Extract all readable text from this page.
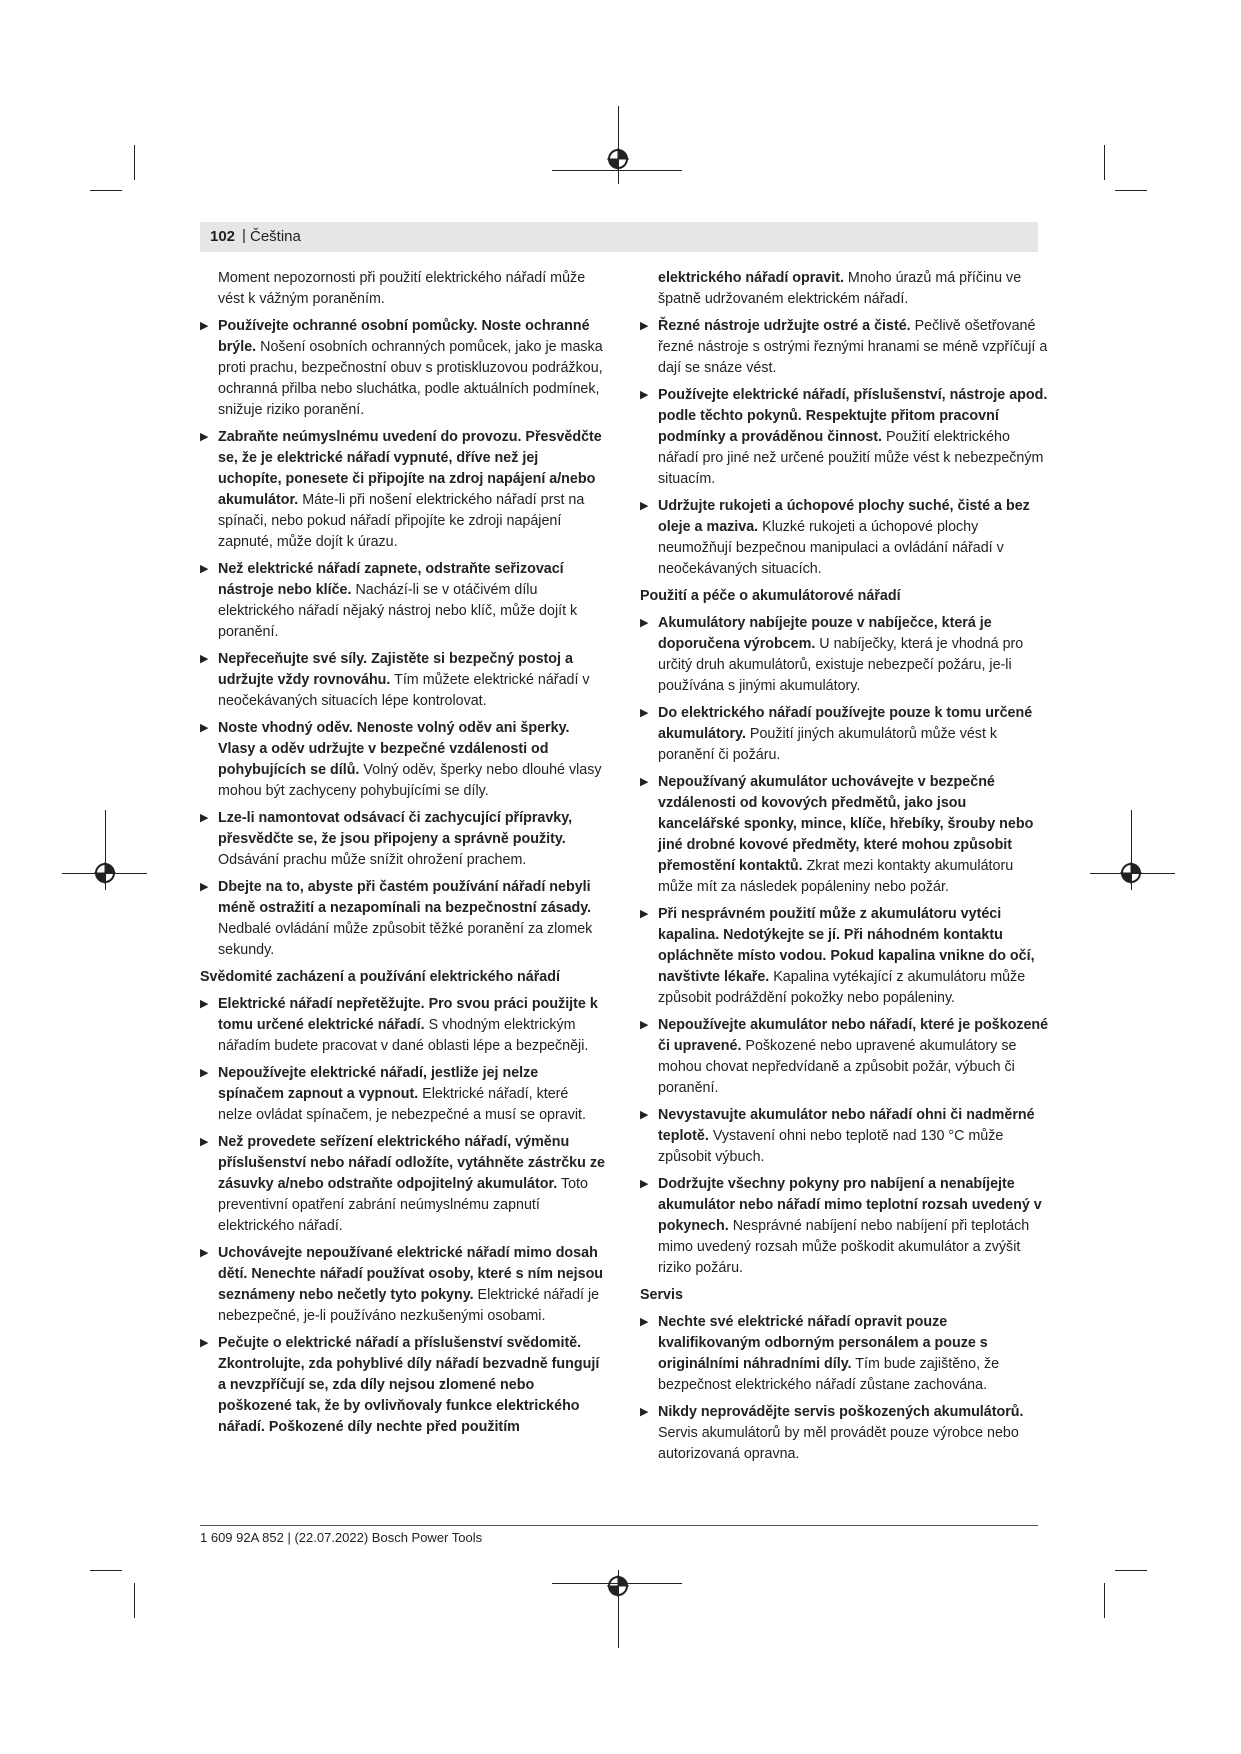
102 | Čeština

Moment nepozornosti při použití elektrického nářadí může vést k vážným poraněním.

▶ Používejte ochranné osobní pomůcky. Noste ochranné brýle. Nošení osobních ochranných pomůcek, jako je maska proti prachu, bezpečnostní obuv s protiskluzovou podrážkou, ochranná přilba nebo sluchátka, podle aktuálních podmínek, snižuje riziko poranění.
▶ Zabraňte neúmyslnému uvedení do provozu. Přesvědčte se, že je elektrické nářadí vypnuté, dříve než jej uchopíte, ponesete či připojíte na zdroj napájení a/nebo akumulátor. Máte-li při nošení elektrického nářadí prst na spínači, nebo pokud nářadí připojíte ke zdroji napájení zapnuté, může dojít k úrazu.
▶ Než elektrické nářadí zapnete, odstraňte seřizovací nástroje nebo klíče. Nachází-li se v otáčivém dílu elektrického nářadí nějaký nástroj nebo klíč, může dojít k poranění.
▶ Nepřeceňujte své síly. Zajistěte si bezpečný postoj a udržujte vždy rovnováhu. Tím můžete elektrické nářadí v neočekávaných situacích lépe kontrolovat.
▶ Noste vhodný oděv. Nenoste volný oděv ani šperky. Vlasy a oděv udržujte v bezpečné vzdálenosti od pohybujících se dílů. Volný oděv, šperky nebo dlouhé vlasy mohou být zachyceny pohybujícími se díly.
▶ Lze-li namontovat odsávací či zachycující přípravky, přesvědčte se, že jsou připojeny a správně použity. Odsávání prachu může snížit ohrožení prachem.
▶ Dbejte na to, abyste při častém používání nářadí nebyli méně ostražití a nezapomínali na bezpečnostní zásady. Nedbalé ovládání může způsobit těžké poranění za zlomek sekundy.
Svědomité zacházení a používání elektrického nářadí
▶ Elektrické nářadí nepřetěžujte. Pro svou práci použijte k tomu určené elektrické nářadí. S vhodným elektrickým nářadím budete pracovat v dané oblasti lépe a bezpečněji.
▶ Nepoužívejte elektrické nářadí, jestliže jej nelze spínačem zapnout a vypnout. Elektrické nářadí, které nelze ovládat spínačem, je nebezpečné a musí se opravit.
▶ Než provedete seřízení elektrického nářadí, výměnu příslušenství nebo nářadí odložíte, vytáhněte zástrčku ze zásuvky a/nebo odstraňte odpojitelný akumulátor. Toto preventivní opatření zabrání neúmyslnému zapnutí elektrického nářadí.
▶ Uchovávejte nepoužívané elektrické nářadí mimo dosah dětí. Nenechte nářadí používat osoby, které s ním nejsou seznámeny nebo nečetly tyto pokyny. Elektrické nářadí je nebezpečné, je-li používáno nezkušenými osobami.
▶ Pečujte o elektrické nářadí a příslušenství svědomitě. Zkontrolujte, zda pohyblivé díly nářadí bezvadně fungují a nevzpříčují se, zda díly nejsou zlomené nebo poškozené tak, že by ovlivňovaly funkce elektrického nářadí. Poškozené díly nechte před použitím

elektrického nářadí opravit. Mnoho úrazů má příčinu ve špatně udržovaném elektrickém nářadí.

▶ Řezné nástroje udržujte ostré a čisté. Pečlivě ošetřované řezné nástroje s ostrými řeznými hranami se méně vzpříčují a dají se snáze vést.
▶ Používejte elektrické nářadí, příslušenství, nástroje apod. podle těchto pokynů. Respektujte přitom pracovní podmínky a prováděnou činnost. Použití elektrického nářadí pro jiné než určené použití může vést k nebezpečným situacím.
▶ Udržujte rukojeti a úchopové plochy suché, čisté a bez oleje a maziva. Kluzké rukojeti a úchopové plochy neumožňují bezpečnou manipulaci a ovládání nářadí v neočekávaných situacích.
Použití a péče o akumulátorové nářadí
▶ Akumulátory nabíjejte pouze v nabíječce, která je doporučena výrobcem. U nabíječky, která je vhodná pro určitý druh akumulátorů, existuje nebezpečí požáru, je-li používána s jinými akumulátory.
▶ Do elektrického nářadí používejte pouze k tomu určené akumulátory. Použití jiných akumulátorů může vést k poranění či požáru.
▶ Nepoužívaný akumulátor uchovávejte v bezpečné vzdálenosti od kovových předmětů, jako jsou kancelářské sponky, mince, klíče, hřebíky, šrouby nebo jiné drobné kovové předměty, které mohou způsobit přemostění kontaktů. Zkrat mezi kontakty akumulátoru může mít za následek popáleniny nebo požár.
▶ Při nesprávném použití může z akumulátoru vytéci kapalina. Nedotýkejte se jí. Při náhodném kontaktu opláchněte místo vodou. Pokud kapalina vnikne do očí, navštivte lékaře. Kapalina vytékající z akumulátoru může způsobit podráždění pokožky nebo popáleniny.
▶ Nepoužívejte akumulátor nebo nářadí, které je poškozené či upravené. Poškozené nebo upravené akumulátory se mohou chovat nepředvídaně a způsobit požár, výbuch či poranění.
▶ Nevystavujte akumulátor nebo nářadí ohni či nadměrné teplotě. Vystavení ohni nebo teplotě nad 130 °C může způsobit výbuch.
▶ Dodržujte všechny pokyny pro nabíjení a nenabíjejte akumulátor nebo nářadí mimo teplotní rozsah uvedený v pokynech. Nesprávné nabíjení nebo nabíjení při teplotách mimo uvedený rozsah může poškodit akumulátor a zvýšit riziko požáru.
Servis
▶ Nechte své elektrické nářadí opravit pouze kvalifikovaným odborným personálem a pouze s originálními náhradními díly. Tím bude zajištěno, že bezpečnost elektrického nářadí zůstane zachována.
▶ Nikdy neprovádějte servis poškozených akumulátorů. Servis akumulátorů by měl provádět pouze výrobce nebo autorizovaná opravna.
1 609 92A 852 | (22.07.2022) Bosch Power Tools
